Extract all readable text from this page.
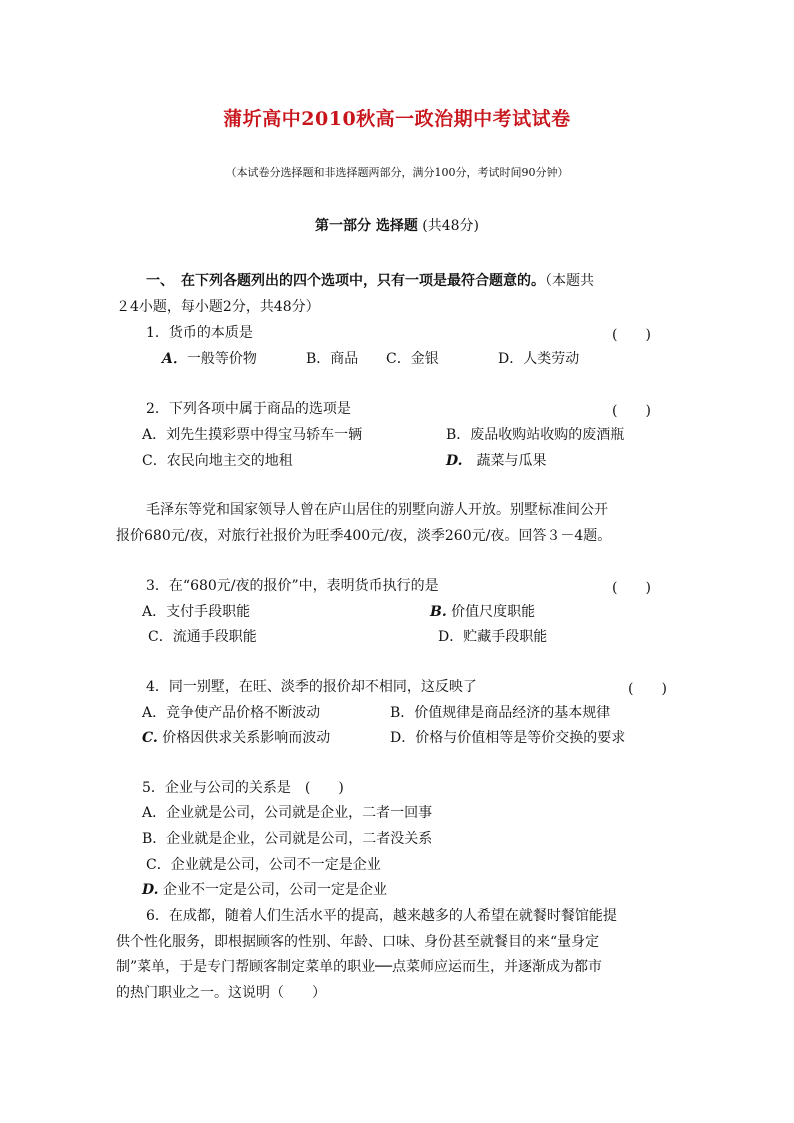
蒲圻高中2010秋高一政治期中考试试卷
（本试卷分选择题和非选择题两部分，满分100分，考试时间90分钟）
第一部分 选择题 (共48分)
一、　 在下列各题列出的四个选项中，只有一项是最符合题意的。（本题共
２4小题，每小题2分，共48分）
1．货币的本质是	(　　)
A．一般等价物	B．商品 C．金银	D．人类劳动
2．下列各项中属于商品的选项是	(　　)
A．刘先生摸彩票中得宝马轿车一辆	B．废品收购站收购的废酒瓶
C．农民向地主交的地租	D.　 蔬菜与瓜果
毛泽东等党和国家领导人曾在庐山居住的别墅向游人开放。别墅标准间公开
报价680元/夜，对旅行社报价为旺季400元/夜，淡季260元/夜。回答３－4题。
3．在“680元/夜的报价”中，表明货币执行的是	(　　)
A．支付手段职能	B. 价值尺度职能
C．流通手段职能	D．贮藏手段职能
4．同一别墅，在旺、淡季的报价却不相同，这反映了	(　　)
A．竞争使产品价格不断波动	B．价值规律是商品经济的基本规律
C. 价格因供求关系影响而波动	D．价格与价值相等是等价交换的要求
5．企业与公司的关系是　(　　)
A．企业就是公司，公司就是企业，二者一回事
B．企业就是企业，公司就是公司，二者没关系
C．企业就是公司，公司不一定是企业
D. 企业不一定是公司，公司一定是企业
6．在成都，随着人们生活水平的提高，越来越多的人希望在就餐时餐馆能提
供个性化服务，即根据顾客的性别、年龄、口味、身份甚至就餐目的来“量身定
制”菜单，于是专门帮顾客制定菜单的职业──点菜师应运而生，并逐渐成为都市
的热门职业之一。这说明（　　）
